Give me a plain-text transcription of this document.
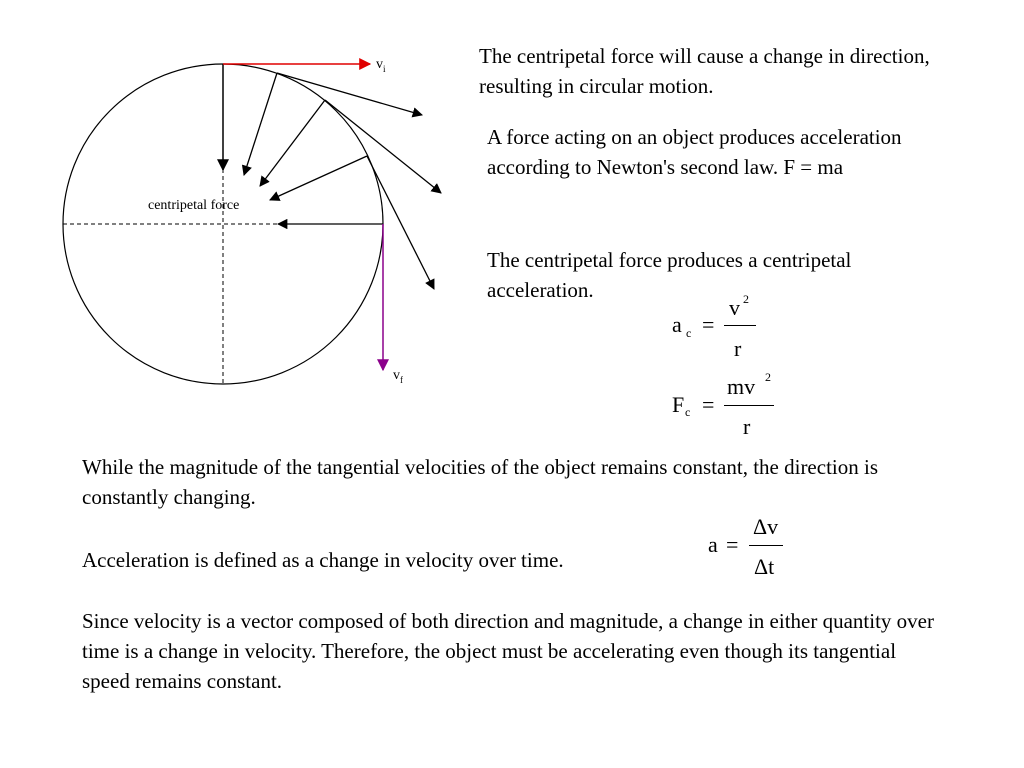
centripetal force
$v_i$
$v_f$

The centripetal force will cause a change in direction, resulting in circular motion.

A force acting on an object produces acceleration according to Newton's second law. F = ma

The centripetal force produces a centripetal acceleration.

a c =
v 2
r
F c =
mv 2
r

While the magnitude of the tangential velocities of the object remains constant, the direction is constantly changing.

Acceleration is defined as a change in velocity over time.

a =
Δv
Δt

Since velocity is a vector composed of both direction and magnitude, a change in either quantity over time is a change in velocity. Therefore, the object must be accelerating even though its tangential speed remains constant.
